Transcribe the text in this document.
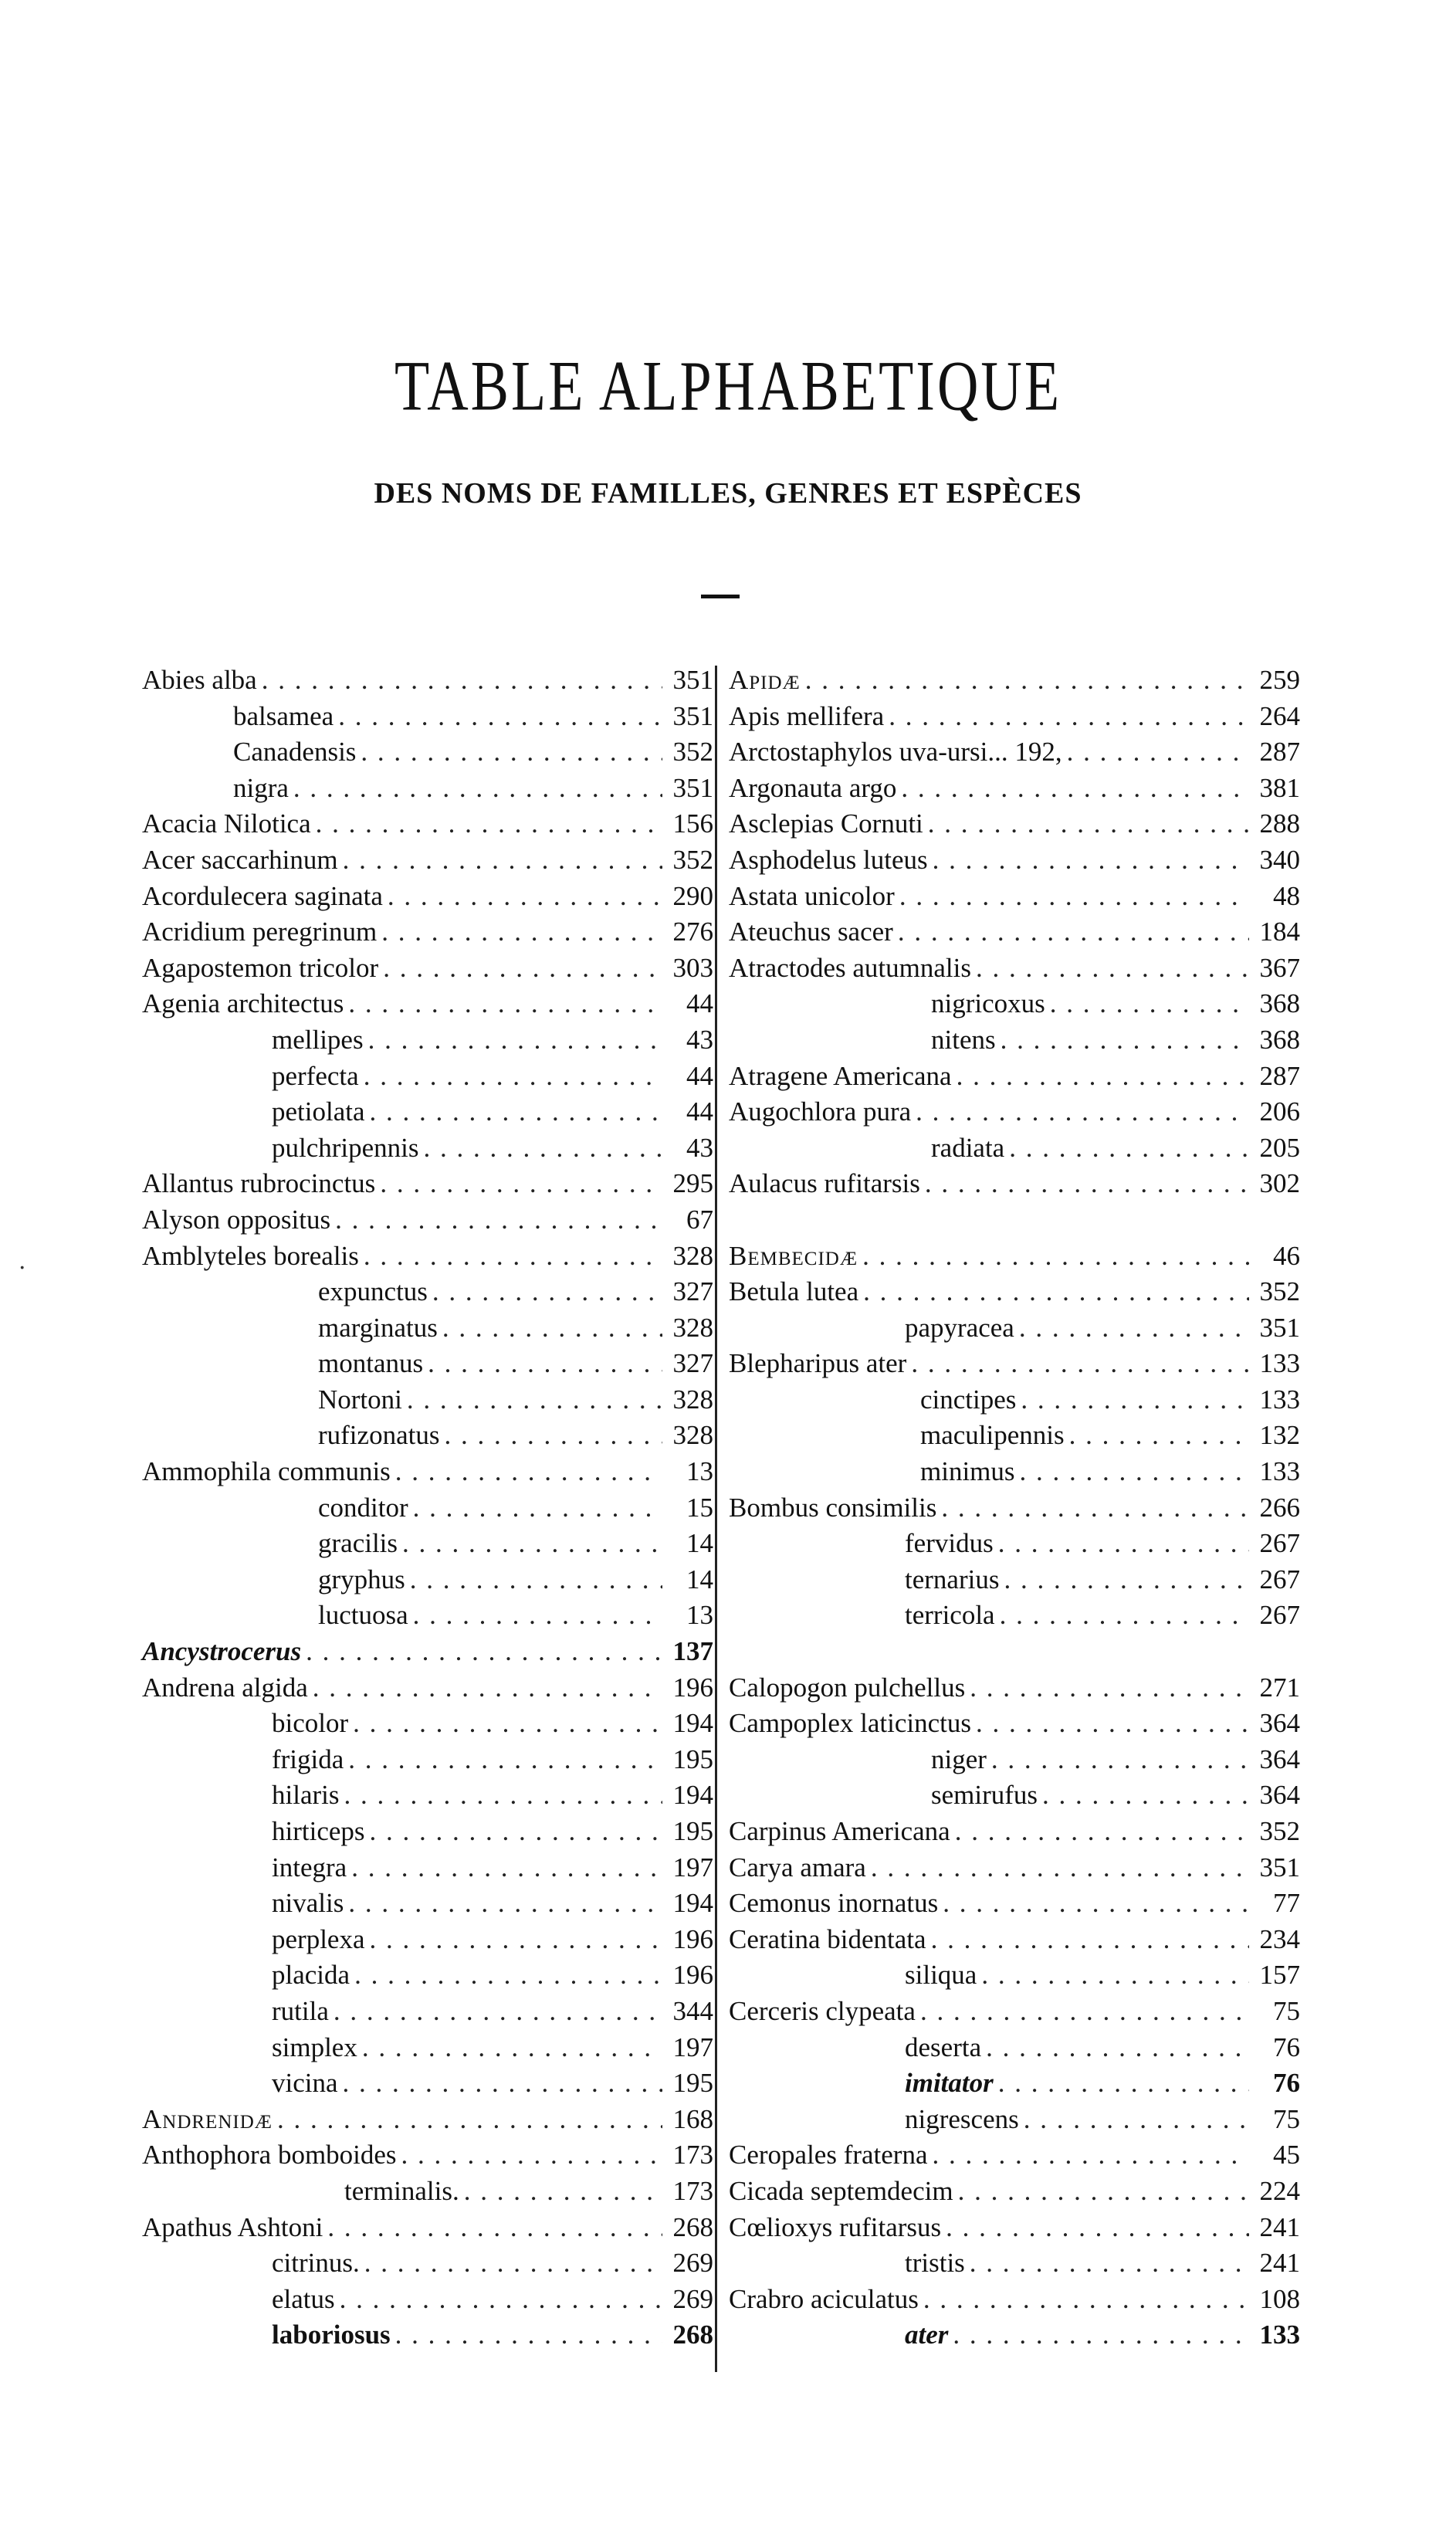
TABLE ALPHABETIQUE
DES NOMS DE FAMILLES, GENRES ET ESPÈCES
Abies alba . . .	351
balsamea . . .	351
Canadensis . . .	352
nigra . . .	351
Acacia Nilotica . . .	156
Acer saccarhinum . . .	352
Acordulecera saginata . . .	290
Acridium peregrinum . . .	276
Agapostemon tricolor . . .	303
Agenia architectus . . .	44
mellipes . . .	43
perfecta . . .	44
petiolata . . .	44
pulchripennis . . .	43
Allantus rubrocinctus . . .	295
Alyson oppositus . . .	67
Amblyteles borealis . . .	328
expunctus . . .	327
marginatus . . .	328
montanus . . .	327
Nortoni . . .	328
rufizonatus . . .	328
Ammophila communis . . .	13
conditor . . .	15
gracilis . . .	14
gryphus . . .	14
luctuosa . . .	13
Ancystrocerus . . .	137
Andrena algida . . .	196
bicolor . . .	194
frigida . . .	195
hilaris . . .	194
hirticeps . . .	195
integra . . .	197
nivalis . . .	194
perplexa . . .	196
placida . . .	196
rutila . . .	344
simplex . . .	197
vicina . . .	195
Andrenidæ . . .	168
Anthophora bomboides . . .	173
terminalis. . . .	173
Apathus Ashtoni . . .	268
citrinus. . . .	269
elatus . . .	269
laboriosus . . .	268
Apidæ . . .	259
Apis mellifera . . .	264
Arctostaphylos uva-ursi... 192, . . .	287
Argonauta argo . . .	381
Asclepias Cornuti . . .	288
Asphodelus luteus . . .	340
Astata unicolor . . .	48
Ateuchus sacer . . .	184
Atractodes autumnalis . . .	367
nigricoxus . . .	368
nitens . . .	368
Atragene Americana . . .	287
Augochlora pura . . .	206
radiata . . .	205
Aulacus rufitarsis . . .	302
Bembecidæ . . .	46
Betula lutea . . .	352
papyracea . . .	351
Blepharipus ater . . .	133
cinctipes . . .	133
maculipennis . . .	132
minimus . . .	133
Bombus consimilis . . .	266
fervidus . . .	267
ternarius . . .	267
terricola . . .	267
Calopogon pulchellus . . .	271
Campoplex laticinctus . . .	364
niger . . .	364
semirufus . . .	364
Carpinus Americana . . .	352
Carya amara . . .	351
Cemonus inornatus . . .	77
Ceratina bidentata . . .	234
siliqua . . .	157
Cerceris clypeata . . .	75
deserta . . .	76
imitator . . .	76
nigrescens . . .	75
Ceropales fraterna . . .	45
Cicada septemdecim . . .	224
Cœlioxys rufitarsus . . .	241
tristis . . .	241
Crabro aciculatus . . .	108
ater . . .	133
·
